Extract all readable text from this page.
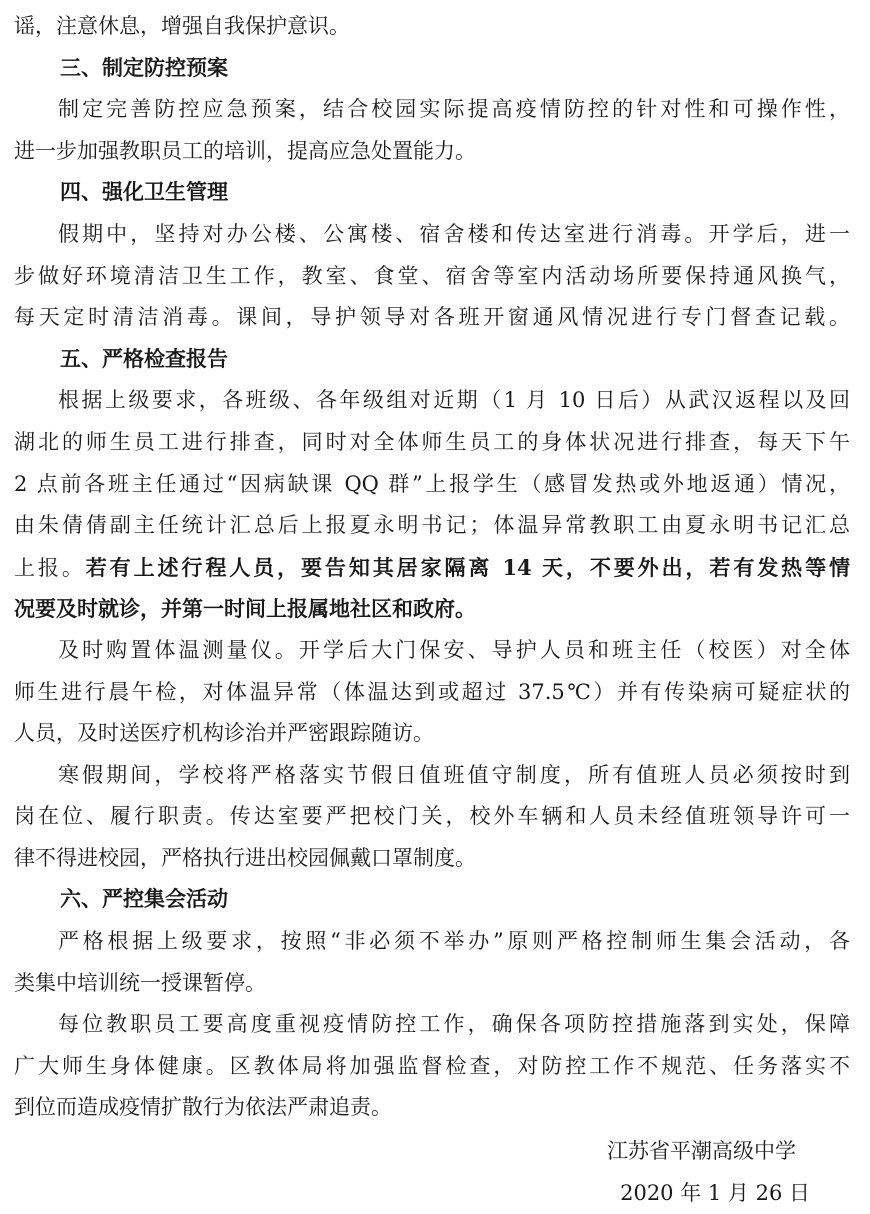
谣，注意休息，增强自我保护意识。
三、制定防控预案
制定完善防控应急预案，结合校园实际提高疫情防控的针对性和可操作性，
进一步加强教职员工的培训，提高应急处置能力。
四、强化卫生管理
假期中，坚持对办公楼、公寓楼、宿舍楼和传达室进行消毒。开学后，进一
步做好环境清洁卫生工作，教室、食堂、宿舍等室内活动场所要保持通风换气，
每天定时清洁消毒。课间，导护领导对各班开窗通风情况进行专门督查记载。
五、严格检查报告
根据上级要求，各班级、各年级组对近期（1 月 10 日后）从武汉返程以及回
湖北的师生员工进行排查，同时对全体师生员工的身体状况进行排查，每天下午
2 点前各班主任通过“因病缺课 QQ 群”上报学生（感冒发热或外地返通）情况，
由朱倩倩副主任统计汇总后上报夏永明书记；体温异常教职工由夏永明书记汇总
上报。若有上述行程人员，要告知其居家隔离 14 天，不要外出，若有发热等情
况要及时就诊，并第一时间上报属地社区和政府。
及时购置体温测量仪。开学后大门保安、导护人员和班主任（校医）对全体
师生进行晨午检，对体温异常（体温达到或超过 37.5℃）并有传染病可疑症状的
人员，及时送医疗机构诊治并严密跟踪随访。
寒假期间，学校将严格落实节假日值班值守制度，所有值班人员必须按时到
岗在位、履行职责。传达室要严把校门关，校外车辆和人员未经值班领导许可一
律不得进校园，严格执行进出校园佩戴口罩制度。
六、严控集会活动
严格根据上级要求，按照“非必须不举办”原则严格控制师生集会活动，各
类集中培训统一授课暂停。
每位教职员工要高度重视疫情防控工作，确保各项防控措施落到实处，保障
广大师生身体健康。区教体局将加强监督检查，对防控工作不规范、任务落实不
到位而造成疫情扩散行为依法严肃追责。
江苏省平潮高级中学
2020 年 1 月 26 日
